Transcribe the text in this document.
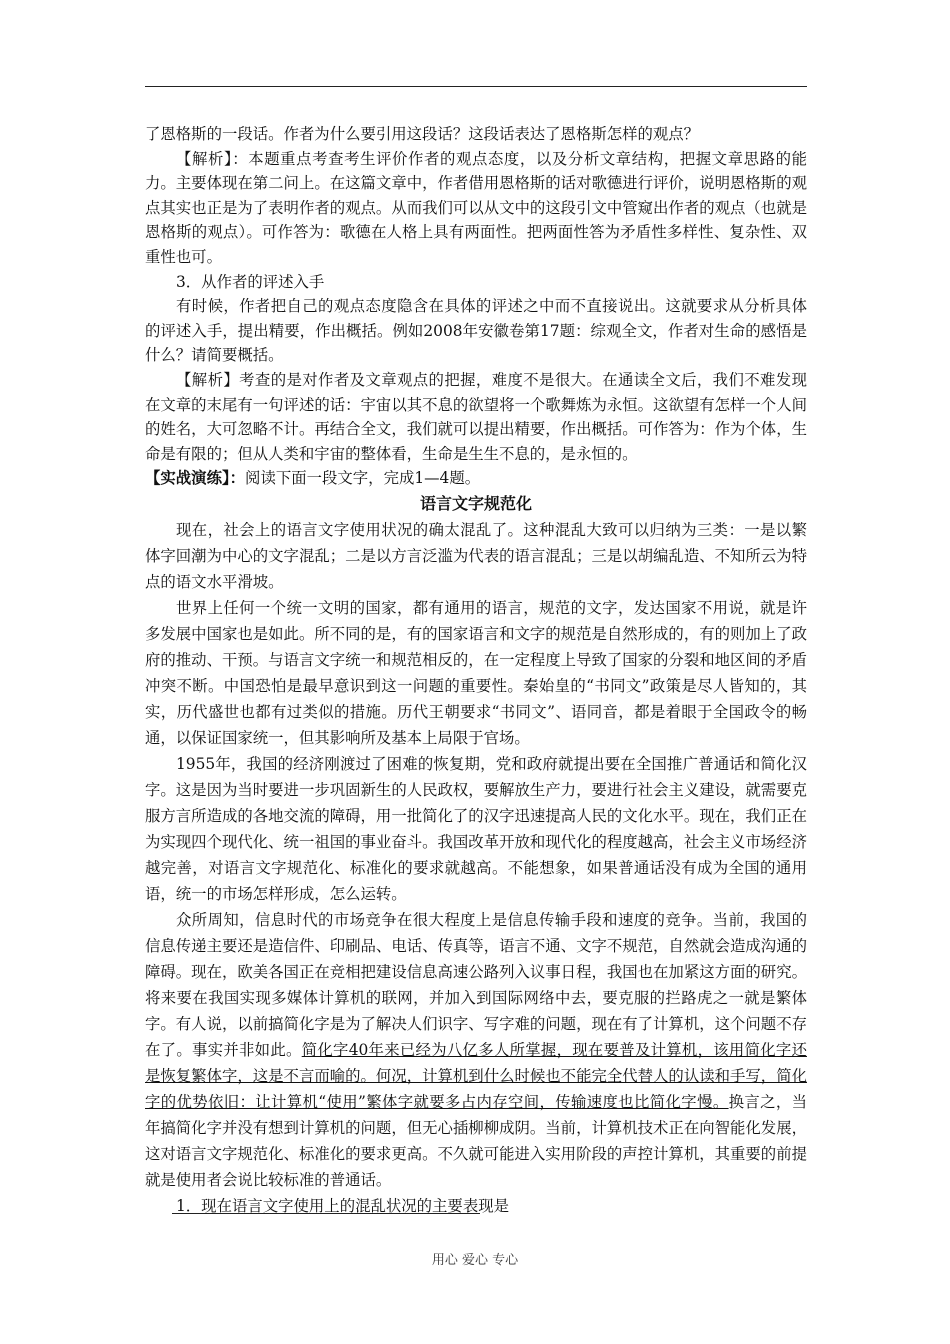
了恩格斯的一段话。作者为什么要引用这段话？这段话表达了恩格斯怎样的观点？

【解析】：本题重点考查考生评价作者的观点态度，以及分析文章结构，把握文章思路的能力。主要体现在第二问上。在这篇文章中，作者借用恩格斯的话对歌德进行评价，说明恩格斯的观点其实也正是为了表明作者的观点。从而我们可以从文中的这段引文中管窥出作者的观点（也就是恩格斯的观点）。可作答为：歌德在人格上具有两面性。把两面性答为矛盾性多样性、复杂性、双重性也可。

3．从作者的评述入手

有时候，作者把自己的观点态度隐含在具体的评述之中而不直接说出。这就要求从分析具体的评述入手，提出精要，作出概括。例如2008年安徽卷第17题：综观全文，作者对生命的感悟是什么？请简要概括。

【解析】考查的是对作者及文章观点的把握，难度不是很大。在通读全文后，我们不难发现在文章的末尾有一句评述的话：宇宙以其不息的欲望将一个歌舞炼为永恒。这欲望有怎样一个人间的姓名，大可忽略不计。再结合全文，我们就可以提出精要，作出概括。可作答为：作为个体，生命是有限的；但从人类和宇宙的整体看，生命是生生不息的，是永恒的。

【实战演练】：阅读下面一段文字，完成1—4题。

语言文字规范化

现在，社会上的语言文字使用状况的确太混乱了。这种混乱大致可以归纳为三类：一是以繁体字回潮为中心的文字混乱；二是以方言泛滥为代表的语言混乱；三是以胡编乱造、不知所云为特点的语文水平滑坡。

世界上任何一个统一文明的国家，都有通用的语言，规范的文字，发达国家不用说，就是许多发展中国家也是如此。所不同的是，有的国家语言和文字的规范是自然形成的，有的则加上了政府的推动、干预。与语言文字统一和规范相反的，在一定程度上导致了国家的分裂和地区间的矛盾冲突不断。中国恐怕是最早意识到这一问题的重要性。秦始皇的“书同文”政策是尽人皆知的，其实，历代盛世也都有过类似的措施。历代王朝要求“书同文”、语同音，都是着眼于全国政令的畅通，以保证国家统一，但其影响所及基本上局限于官场。

1955年，我国的经济刚渡过了困难的恢复期，党和政府就提出要在全国推广普通话和简化汉字。这是因为当时要进一步巩固新生的人民政权，要解放生产力，要进行社会主义建设，就需要克服方言所造成的各地交流的障碍，用一批简化了的汉字迅速提高人民的文化水平。现在，我们正在为实现四个现代化、统一祖国的事业奋斗。我国改革开放和现代化的程度越高，社会主义市场经济越完善，对语言文字规范化、标准化的要求就越高。不能想象，如果普通话没有成为全国的通用语，统一的市场怎样形成，怎么运转。

众所周知，信息时代的市场竞争在很大程度上是信息传输手段和速度的竞争。当前，我国的信息传递主要还是造信件、印刷品、电话、传真等，语言不通、文字不规范，自然就会造成沟通的障碍。现在，欧美各国正在竞相把建设信息高速公路列入议事日程，我国也在加紧这方面的研究。将来要在我国实现多媒体计算机的联网，并加入到国际网络中去，要克服的拦路虎之一就是繁体字。有人说，以前搞简化字是为了解决人们识字、写字难的问题，现在有了计算机，这个问题不存在了。事实并非如此。简化字40年来已经为八亿多人所掌握，现在要普及计算机，该用简化字还是恢复繁体字，这是不言而喻的。何况，计算机到什么时候也不能完全代替人的认读和手写，简化字的优势依旧：让计算机“使用”繁体字就要多占内存空间，传输速度也比简化字慢。换言之，当年搞简化字并没有想到计算机的问题，但无心插柳柳成阴。当前，计算机技术正在向智能化发展，这对语言文字规范化、标准化的要求更高。不久就可能进入实用阶段的声控计算机，其重要的前提就是使用者会说比较标准的普通话。

1．现在语言文字使用上的混乱状况的主要表现是

用心 爱心 专心
